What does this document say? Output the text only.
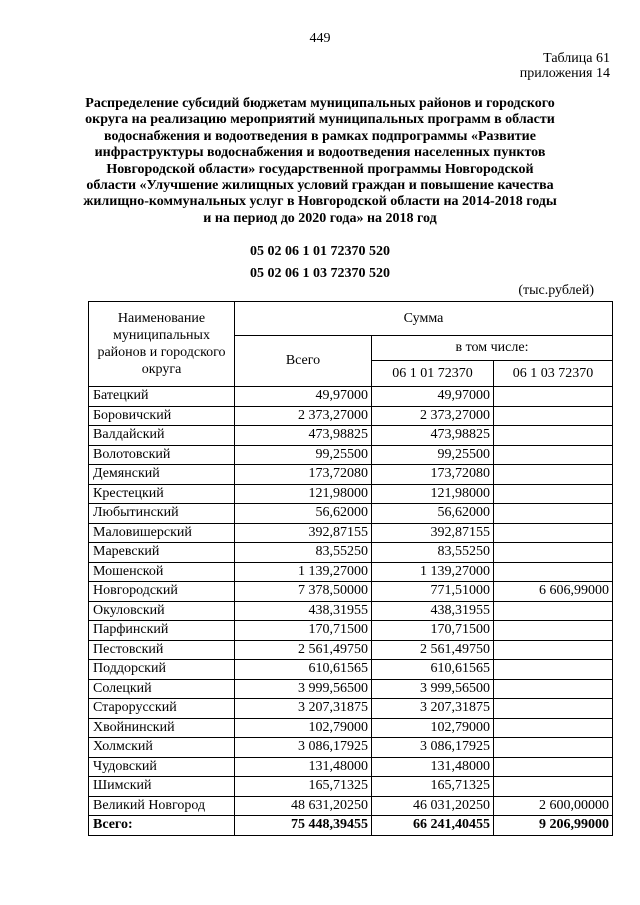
449
Таблица 61
приложения 14
Распределение субсидий бюджетам муниципальных районов и городского
округа на реализацию мероприятий муниципальных программ в области
водоснабжения и водоотведения в рамках подпрограммы «Развитие
инфраструктуры водоснабжения и водоотведения населенных пунктов
Новгородской области» государственной программы Новгородской
области «Улучшение жилищных условий граждан и повышение качества
жилищно-коммунальных услуг в Новгородской области на 2014-2018 годы
и на период до 2020 года» на 2018 год
05 02 06 1 01 72370 520
05 02 06 1 03 72370 520
(тыс.рублей)
Наименование муниципальных районов и городского округа	Сумма		
	Всего	в том числе:	
		06 1 01 72370	06 1 03 72370
Батецкий	49,97000	49,97000	
Боровичский	2 373,27000	2 373,27000	
Валдайский	473,98825	473,98825	
Волотовский	99,25500	99,25500	
Демянский	173,72080	173,72080	
Крестецкий	121,98000	121,98000	
Любытинский	56,62000	56,62000	
Маловишерский	392,87155	392,87155	
Маревский	83,55250	83,55250	
Мошенской	1 139,27000	1 139,27000	
Новгородский	7 378,50000	771,51000	6 606,99000
Окуловский	438,31955	438,31955	
Парфинский	170,71500	170,71500	
Пестовский	2 561,49750	2 561,49750	
Поддорский	610,61565	610,61565	
Солецкий	3 999,56500	3 999,56500	
Старорусский	3 207,31875	3 207,31875	
Хвойнинский	102,79000	102,79000	
Холмский	3 086,17925	3 086,17925	
Чудовский	131,48000	131,48000	
Шимский	165,71325	165,71325	
Великий Новгород	48 631,20250	46 031,20250	2 600,00000
Всего:	75 448,39455	66 241,40455	9 206,99000
